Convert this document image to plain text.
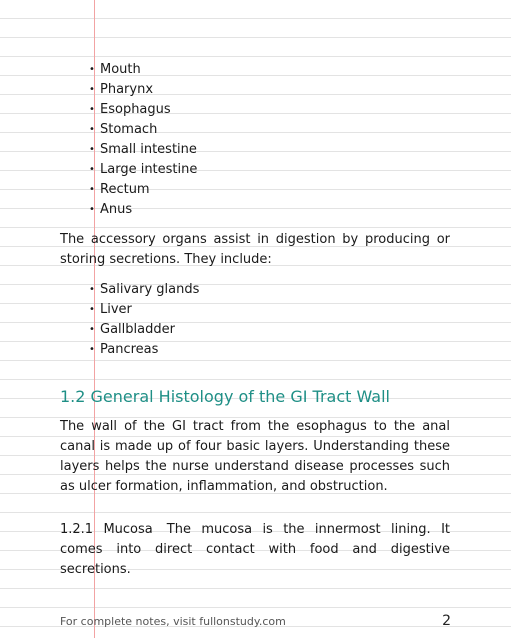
• Mouth
• Pharynx
• Esophagus
• Stomach
• Small intestine
• Large intestine
• Rectum
• Anus

The accessory organs assist in digestion by producing or storing secretions. They include:

• Salivary glands
• Liver
• Gallbladder
• Pancreas
1.2 General Histology of the GI Tract Wall

The wall of the GI tract from the esophagus to the anal canal is made up of four basic layers. Understanding these layers helps the nurse understand disease processes such as ulcer formation, inflammation, and obstruction.

1.2.1 Mucosa The mucosa is the innermost lining. It comes into direct contact with food and digestive secretions.

For complete notes, visit fullonstudy.com	2
